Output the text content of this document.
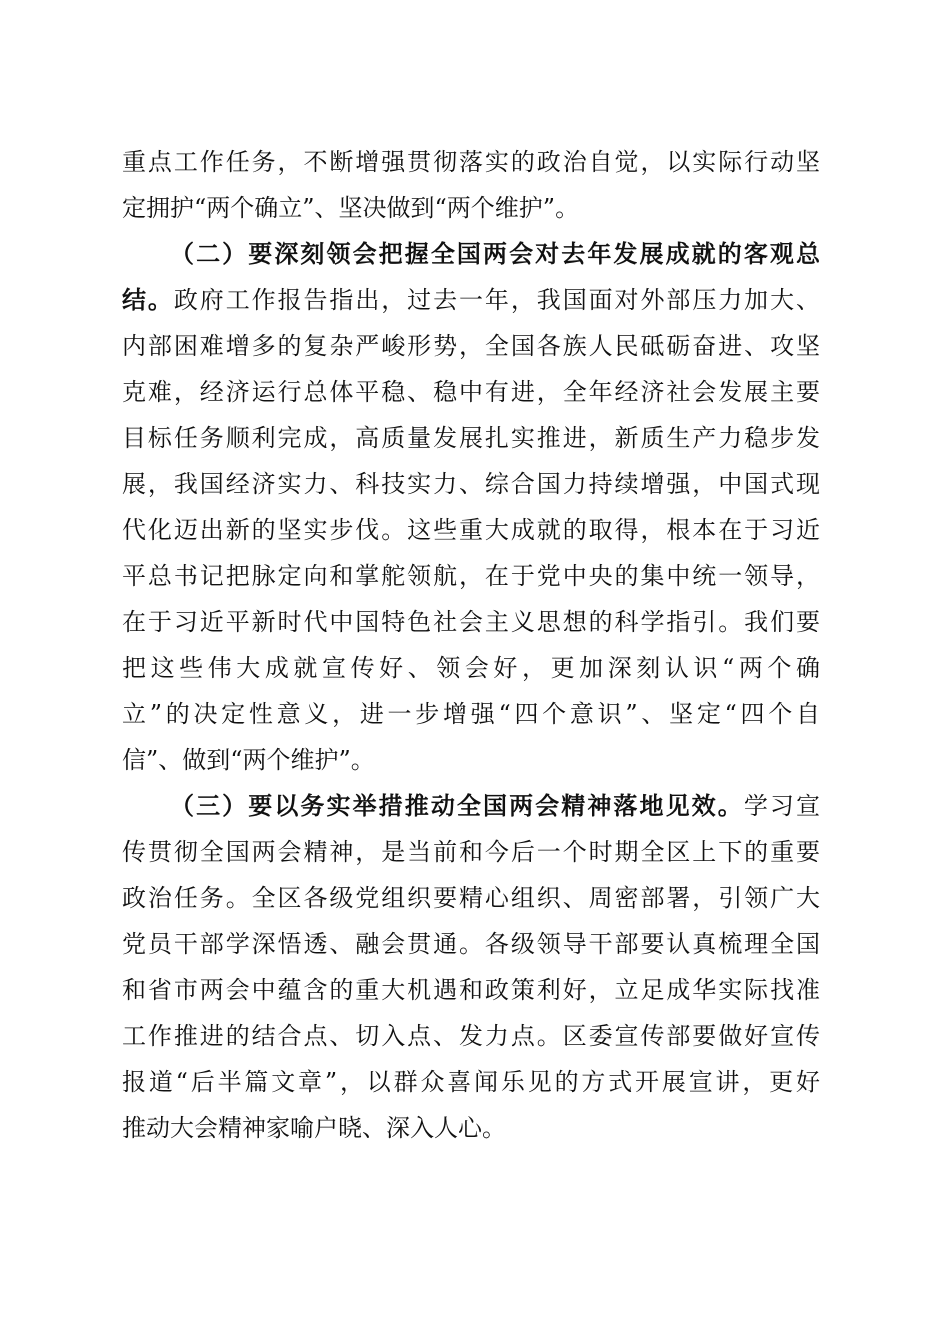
重点工作任务，不断增强贯彻落实的政治自觉，以实际行动坚
定拥护“两个确立”、坚决做到“两个维护”。
（二）要深刻领会把握全国两会对去年发展成就的客观总
结。政府工作报告指出，过去一年，我国面对外部压力加大、
内部困难增多的复杂严峻形势，全国各族人民砥砺奋进、攻坚
克难，经济运行总体平稳、稳中有进，全年经济社会发展主要
目标任务顺利完成，高质量发展扎实推进，新质生产力稳步发
展，我国经济实力、科技实力、综合国力持续增强，中国式现
代化迈出新的坚实步伐。这些重大成就的取得，根本在于习近
平总书记把脉定向和掌舵领航，在于党中央的集中统一领导，
在于习近平新时代中国特色社会主义思想的科学指引。我们要
把这些伟大成就宣传好、领会好，更加深刻认识“两个确
立”的决定性意义，进一步增强“四个意识”、坚定“四个自
信”、做到“两个维护”。
（三）要以务实举措推动全国两会精神落地见效。学习宣
传贯彻全国两会精神，是当前和今后一个时期全区上下的重要
政治任务。全区各级党组织要精心组织、周密部署，引领广大
党员干部学深悟透、融会贯通。各级领导干部要认真梳理全国
和省市两会中蕴含的重大机遇和政策利好，立足成华实际找准
工作推进的结合点、切入点、发力点。区委宣传部要做好宣传
报道“后半篇文章”，以群众喜闻乐见的方式开展宣讲，更好
推动大会精神家喻户晓、深入人心。
